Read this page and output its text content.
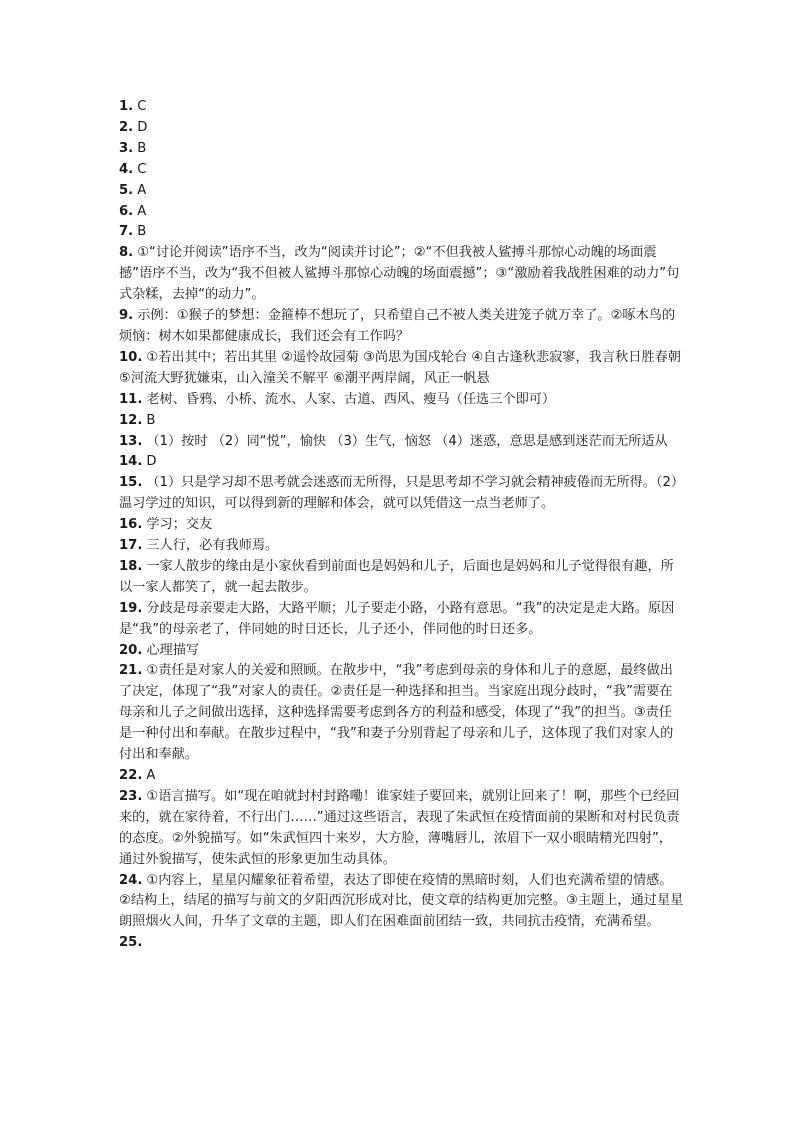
1. C

2. D

3. B

4. C

5. A

6. A

7. B

8. ①“讨论并阅读”语序不当，改为“阅读并讨论”；②“不但我被人鲨搏斗那惊心动魄的场面震撼”语序不当，改为“我不但被人鲨搏斗那惊心动魄的场面震撼”；③“激励着我战胜困难的动力”句式杂糅，去掉“的动力”。

9. 示例：①猴子的梦想：金箍棒不想玩了，只希望自己不被人类关进笼子就万幸了。②啄木鸟的烦恼：树木如果都健康成长，我们还会有工作吗？

10. ①若出其中；若出其里 ②遥怜故园菊 ③尚思为国戍轮台 ④自古逢秋悲寂寥，我言秋日胜春朝 ⑤河流大野犹嫌束，山入潼关不解平 ⑥潮平两岸阔，风正一帆悬

11. 老树、昏鸦、小桥、流水、人家、古道、西风、瘦马（任选三个即可）

12. B

13. （1）按时 （2）同“悦”，愉快 （3）生气，恼怒 （4）迷惑，意思是感到迷茫而无所适从

14. D

15. （1）只是学习却不思考就会迷惑而无所得，只是思考却不学习就会精神疲倦而无所得。（2）温习学过的知识，可以得到新的理解和体会，就可以凭借这一点当老师了。

16. 学习；交友

17. 三人行，必有我师焉。

18. 一家人散步的缘由是小家伙看到前面也是妈妈和儿子，后面也是妈妈和儿子觉得很有趣，所以一家人都笑了，就一起去散步。

19. 分歧是母亲要走大路，大路平顺；儿子要走小路，小路有意思。“我”的决定是走大路。原因是“我”的母亲老了，伴同她的时日还长，儿子还小，伴同他的时日还多。

20. 心理描写

21. ①责任是对家人的关爱和照顾。在散步中，“我”考虑到母亲的身体和儿子的意愿，最终做出了决定，体现了“我”对家人的责任。②责任是一种选择和担当。当家庭出现分歧时，“我”需要在母亲和儿子之间做出选择，这种选择需要考虑到各方的利益和感受，体现了“我”的担当。③责任是一种付出和奉献。在散步过程中，“我”和妻子分别背起了母亲和儿子，这体现了我们对家人的付出和奉献。

22. A

23. ①语言描写。如“现在咱就封村封路嘞！谁家娃子要回来，就别让回来了！啊，那些个已经回来的，就在家待着，不行出门……”通过这些语言，表现了朱武恒在疫情面前的果断和对村民负责的态度。②外貌描写。如“朱武恒四十来岁，大方脸，薄嘴唇儿，浓眉下一双小眼睛精光四射”，通过外貌描写，使朱武恒的形象更加生动具体。

24. ①内容上，星星闪耀象征着希望，表达了即使在疫情的黑暗时刻，人们也充满希望的情感。②结构上，结尾的描写与前文的夕阳西沉形成对比，使文章的结构更加完整。③主题上，通过星星朗照烟火人间，升华了文章的主题，即人们在困难面前团结一致，共同抗击疫情，充满希望。

25.
